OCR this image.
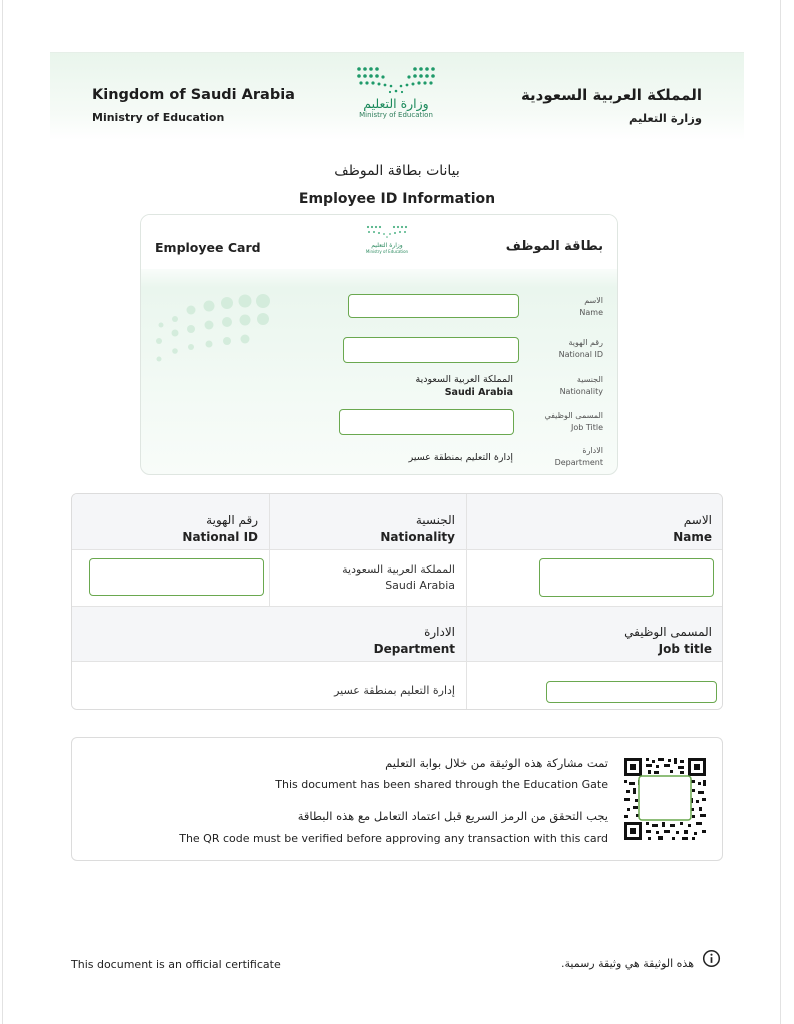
Kingdom of Saudi Arabia
Ministry of Education
المملكة العربية السعودية
وزارة التعليم
وزارة التعليم
Ministry of Education
بيانات بطاقة الموظف
Employee ID Information
Employee Card	بطاقة الموظف
وزارة التعليم
Ministry of Education
الاسم
Name
رقم الهوية
National ID
المملكة العربية السعودية
Saudi Arabia
الجنسية
Nationality
المسمى الوظيفي
Job Title
إدارة التعليم بمنطقة عسير
الادارة
Department
الاسم
Name
الجنسية
Nationality
رقم الهوية
National ID
المملكة العربية السعودية
Saudi Arabia
المسمى الوظيفي
Job title
الادارة
Department
إدارة التعليم بمنطقة عسير
تمت مشاركة هذه الوثيقة من خلال بوابة التعليم
This document has been shared through the Education Gate
يجب التحقق من الرمز السريع قبل اعتماد التعامل مع هذه البطاقة
The QR code must be verified before approving any transaction with this card
This document is an official certificate	هذه الوثيقة هي وثيقة رسمية.
